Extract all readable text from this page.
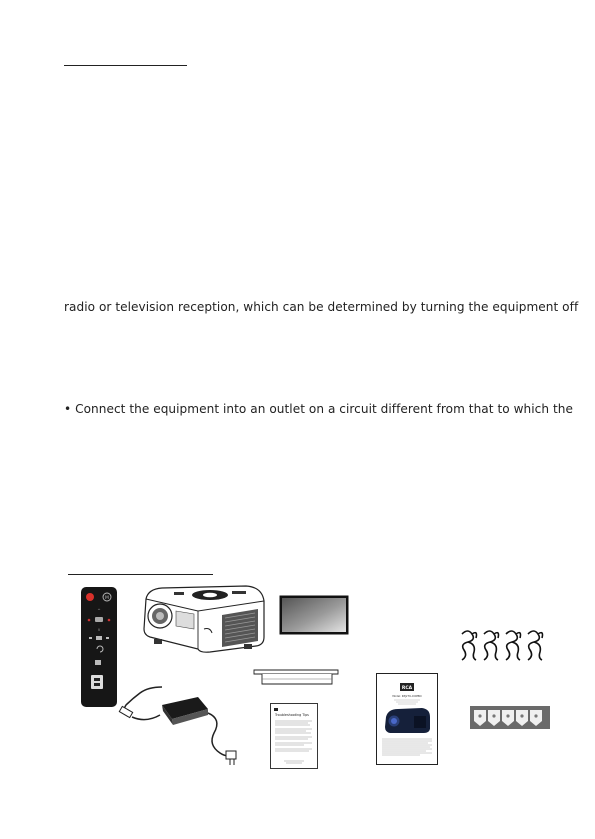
radio or television reception, which can be determined by turning the equipment off
• Connect the equipment into an outlet on a circuit different from that to which the
M
^
v
Troubleshooting Tips
RCA
Model: RPJ276-COMBO
